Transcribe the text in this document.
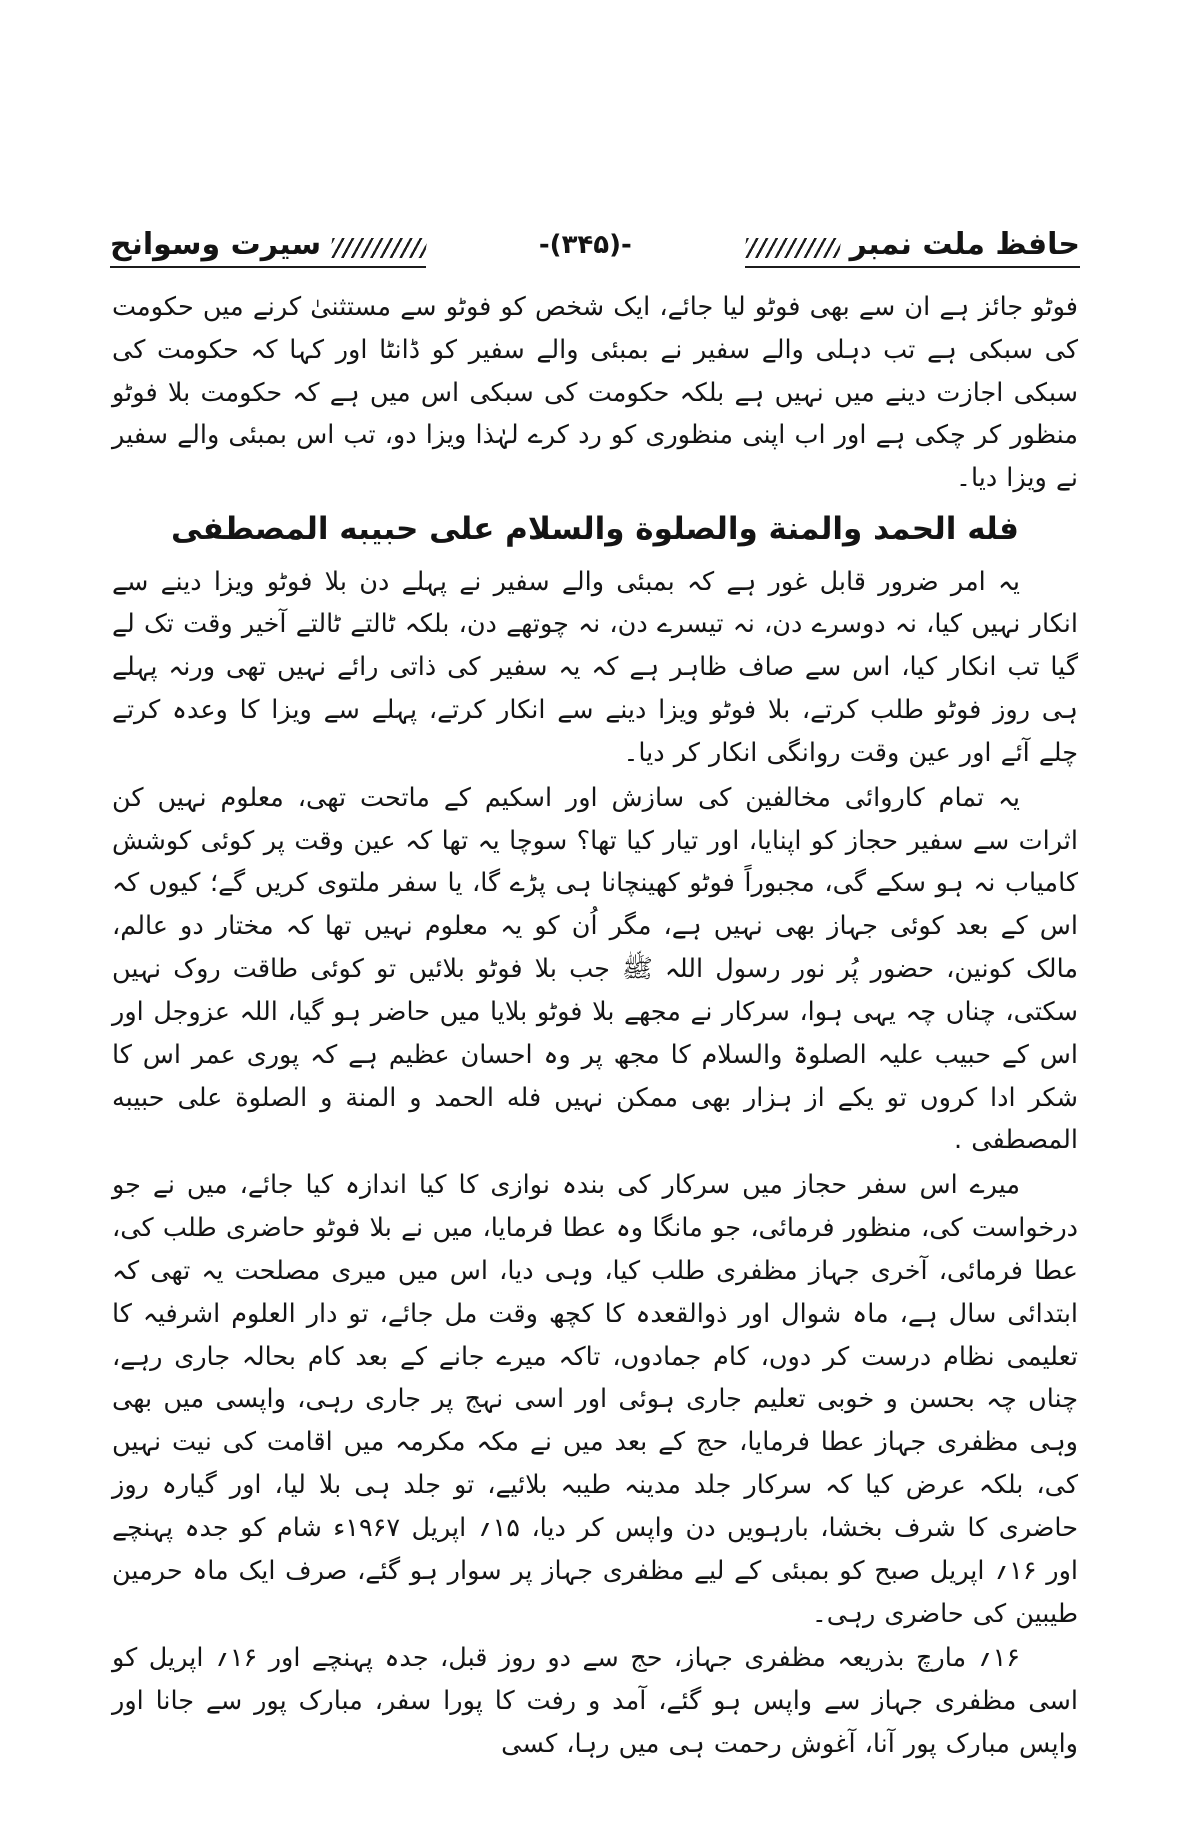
حافظ ملت نمبر
-(۳۴۵)-
سیرت وسوانح

فوٹو جائز ہے ان سے بھی فوٹو لیا جائے، ایک شخص کو فوٹو سے مستثنیٰ کرنے میں حکومت کی سبکی ہے تب دہلی والے سفیر نے بمبئی والے سفیر کو ڈانٹا اور کہا کہ حکومت کی سبکی اجازت دینے میں نہیں ہے بلکہ حکومت کی سبکی اس میں ہے کہ حکومت بلا فوٹو منظور کر چکی ہے اور اب اپنی منظوری کو رد کرے لہٰذا ویزا دو، تب اس بمبئی والے سفیر نے ویزا دیا۔

فله الحمد والمنة والصلوة والسلام على حبيبه المصطفى

یہ امر ضرور قابل غور ہے کہ بمبئی والے سفیر نے پہلے دن بلا فوٹو ویزا دینے سے انکار نہیں کیا، نہ دوسرے دن، نہ تیسرے دن، نہ چوتھے دن، بلکہ ٹالتے ٹالتے آخیر وقت تک لے گیا تب انکار کیا، اس سے صاف ظاہر ہے کہ یہ سفیر کی ذاتی رائے نہیں تھی ورنہ پہلے ہی روز فوٹو طلب کرتے، بلا فوٹو ویزا دینے سے انکار کرتے، پہلے سے ویزا کا وعدہ کرتے چلے آئے اور عین وقت روانگی انکار کر دیا۔

یہ تمام کاروائی مخالفین کی سازش اور اسکیم کے ماتحت تھی، معلوم نہیں کن اثرات سے سفیر حجاز کو اپنایا، اور تیار کیا تھا؟ سوچا یہ تھا کہ عین وقت پر کوئی کوشش کامیاب نہ ہو سکے گی، مجبوراً فوٹو کھینچانا ہی پڑے گا، یا سفر ملتوی کریں گے؛ کیوں کہ اس کے بعد کوئی جہاز بھی نہیں ہے، مگر اُن کو یہ معلوم نہیں تھا کہ مختار دو عالم، مالک کونین، حضور پُر نور رسول اللہ ﷺ جب بلا فوٹو بلائیں تو کوئی طاقت روک نہیں سکتی، چناں چہ یہی ہوا، سرکار نے مجھے بلا فوٹو بلایا میں حاضر ہو گیا، اللہ عزوجل اور اس کے حبیب علیہ الصلوۃ والسلام کا مجھ پر وہ احسان عظیم ہے کہ پوری عمر اس کا شکر ادا کروں تو یکے از ہزار بھی ممکن نہیں فله الحمد و المنة و الصلوة على حبيبه المصطفى .

میرے اس سفر حجاز میں سرکار کی بندہ نوازی کا کیا اندازہ کیا جائے، میں نے جو درخواست کی، منظور فرمائی، جو مانگا وہ عطا فرمایا، میں نے بلا فوٹو حاضری طلب کی، عطا فرمائی، آخری جہاز مظفری طلب کیا، وہی دیا، اس میں میری مصلحت یہ تھی کہ ابتدائی سال ہے، ماہ شوال اور ذوالقعدہ کا کچھ وقت مل جائے، تو دار العلوم اشرفیہ کا تعلیمی نظام درست کر دوں، کام جمادوں، تاکہ میرے جانے کے بعد کام بحالہ جاری رہے، چناں چہ بحسن و خوبی تعلیم جاری ہوئی اور اسی نہج پر جاری رہی، واپسی میں بھی وہی مظفری جہاز عطا فرمایا، حج کے بعد میں نے مکہ مکرمہ میں اقامت کی نیت نہیں کی، بلکہ عرض کیا کہ سرکار جلد مدینہ طیبہ بلائیے، تو جلد ہی بلا لیا، اور گیارہ روز حاضری کا شرف بخشا، بارہویں دن واپس کر دیا، ۱۵؍ اپریل ۱۹۶۷ء شام کو جدہ پہنچے اور ۱۶؍ اپریل صبح کو بمبئی کے لیے مظفری جہاز پر سوار ہو گئے، صرف ایک ماہ حرمین طیبین کی حاضری رہی۔

۱۶؍ مارچ بذریعہ مظفری جہاز، حج سے دو روز قبل، جدہ پہنچے اور ۱۶؍ اپریل کو اسی مظفری جہاز سے واپس ہو گئے، آمد و رفت کا پورا سفر، مبارک پور سے جانا اور واپس مبارک پور آنا، آغوش رحمت ہی میں رہا، کسی
